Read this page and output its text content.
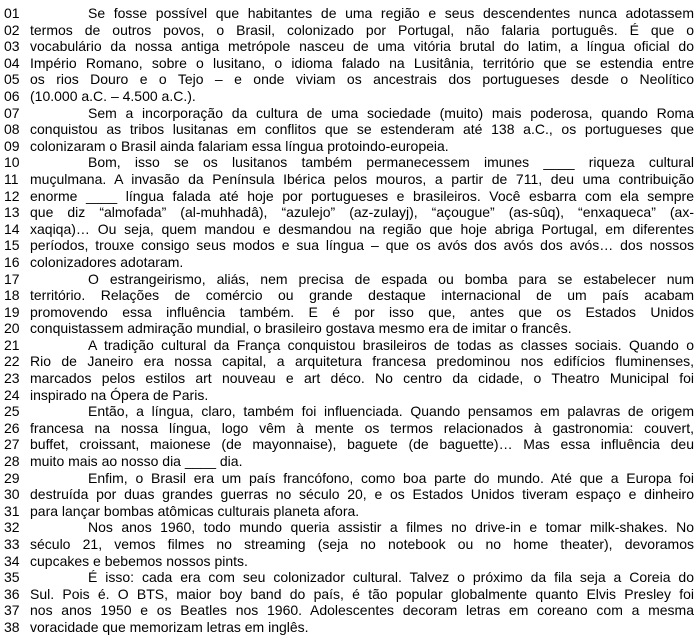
01	Se fosse possível que habitantes de uma região e seus descendentes nunca adotassem
02 termos de outros povos, o Brasil, colonizado por Portugal, não falaria português. É que o
03 vocabulário da nossa antiga metrópole nasceu de uma vitória brutal do latim, a língua oficial do
04 Império Romano, sobre o lusitano, o idioma falado na Lusitânia, território que se estendia entre
05 os rios Douro e o Tejo – e onde viviam os ancestrais dos portugueses desde o Neolítico
06 (10.000 a.C. – 4.500 a.C.).
07	Sem a incorporação da cultura de uma sociedade (muito) mais poderosa, quando Roma
08 conquistou as tribos lusitanas em conflitos que se estenderam até 138 a.C., os portugueses que
09 colonizaram o Brasil ainda falariam essa língua protoindo-europeia.
10	Bom, isso se os lusitanos também permanecessem imunes ____ riqueza cultural
11 muçulmana. A invasão da Península Ibérica pelos mouros, a partir de 711, deu uma contribuição
12 enorme ____ língua falada até hoje por portugueses e brasileiros. Você esbarra com ela sempre
13 que diz “almofada” (al-muhhadâ), “azulejo” (az-zulayj), “açougue” (as-sûq), “enxaqueca” (ax-
14 xaqiqa)… Ou seja, quem mandou e desmandou na região que hoje abriga Portugal, em diferentes
15 períodos, trouxe consigo seus modos e sua língua – que os avós dos avós dos avós… dos nossos
16 colonizadores adotaram.
17	O estrangeirismo, aliás, nem precisa de espada ou bomba para se estabelecer num
18 território. Relações de comércio ou grande destaque internacional de um país acabam
19 promovendo essa influência também. E é por isso que, antes que os Estados Unidos
20 conquistassem admiração mundial, o brasileiro gostava mesmo era de imitar o francês.
21	A tradição cultural da França conquistou brasileiros de todas as classes sociais. Quando o
22 Rio de Janeiro era nossa capital, a arquitetura francesa predominou nos edifícios fluminenses,
23 marcados pelos estilos art nouveau e art déco. No centro da cidade, o Theatro Municipal foi
24 inspirado na Ópera de Paris.
25	Então, a língua, claro, também foi influenciada. Quando pensamos em palavras de origem
26 francesa na nossa língua, logo vêm à mente os termos relacionados à gastronomia: couvert,
27 buffet, croissant, maionese (de mayonnaise), baguete (de baguette)… Mas essa influência deu
28 muito mais ao nosso dia ____ dia.
29	Enfim, o Brasil era um país francófono, como boa parte do mundo. Até que a Europa foi
30 destruída por duas grandes guerras no século 20, e os Estados Unidos tiveram espaço e dinheiro
31 para lançar bombas atômicas culturais planeta afora.
32	Nos anos 1960, todo mundo queria assistir a filmes no drive-in e tomar milk-shakes. No
33 século 21, vemos filmes no streaming (seja no notebook ou no home theater), devoramos
34 cupcakes e bebemos nossos pints.
35	É isso: cada era com seu colonizador cultural. Talvez o próximo da fila seja a Coreia do
36 Sul. Pois é. O BTS, maior boy band do país, é tão popular globalmente quanto Elvis Presley foi
37 nos anos 1950 e os Beatles nos 1960. Adolescentes decoram letras em coreano com a mesma
38 voracidade que memorizam letras em inglês.
